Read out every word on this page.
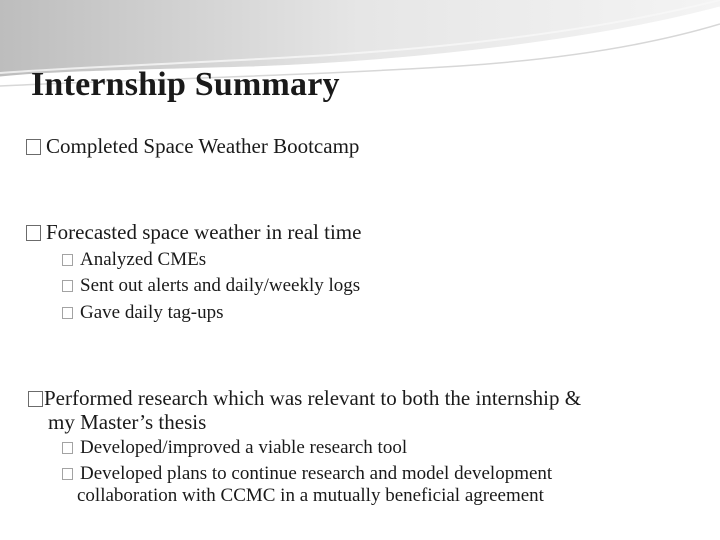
Internship Summary
Completed Space Weather Bootcamp
Forecasted space weather in real time
Analyzed CMEs
Sent out alerts and daily/weekly logs
Gave daily tag-ups
Performed research which was relevant to both the internship &
my Master’s thesis
Developed/improved a viable research tool
Developed plans to continue research and model development
collaboration with CCMC in a mutually beneficial agreement
